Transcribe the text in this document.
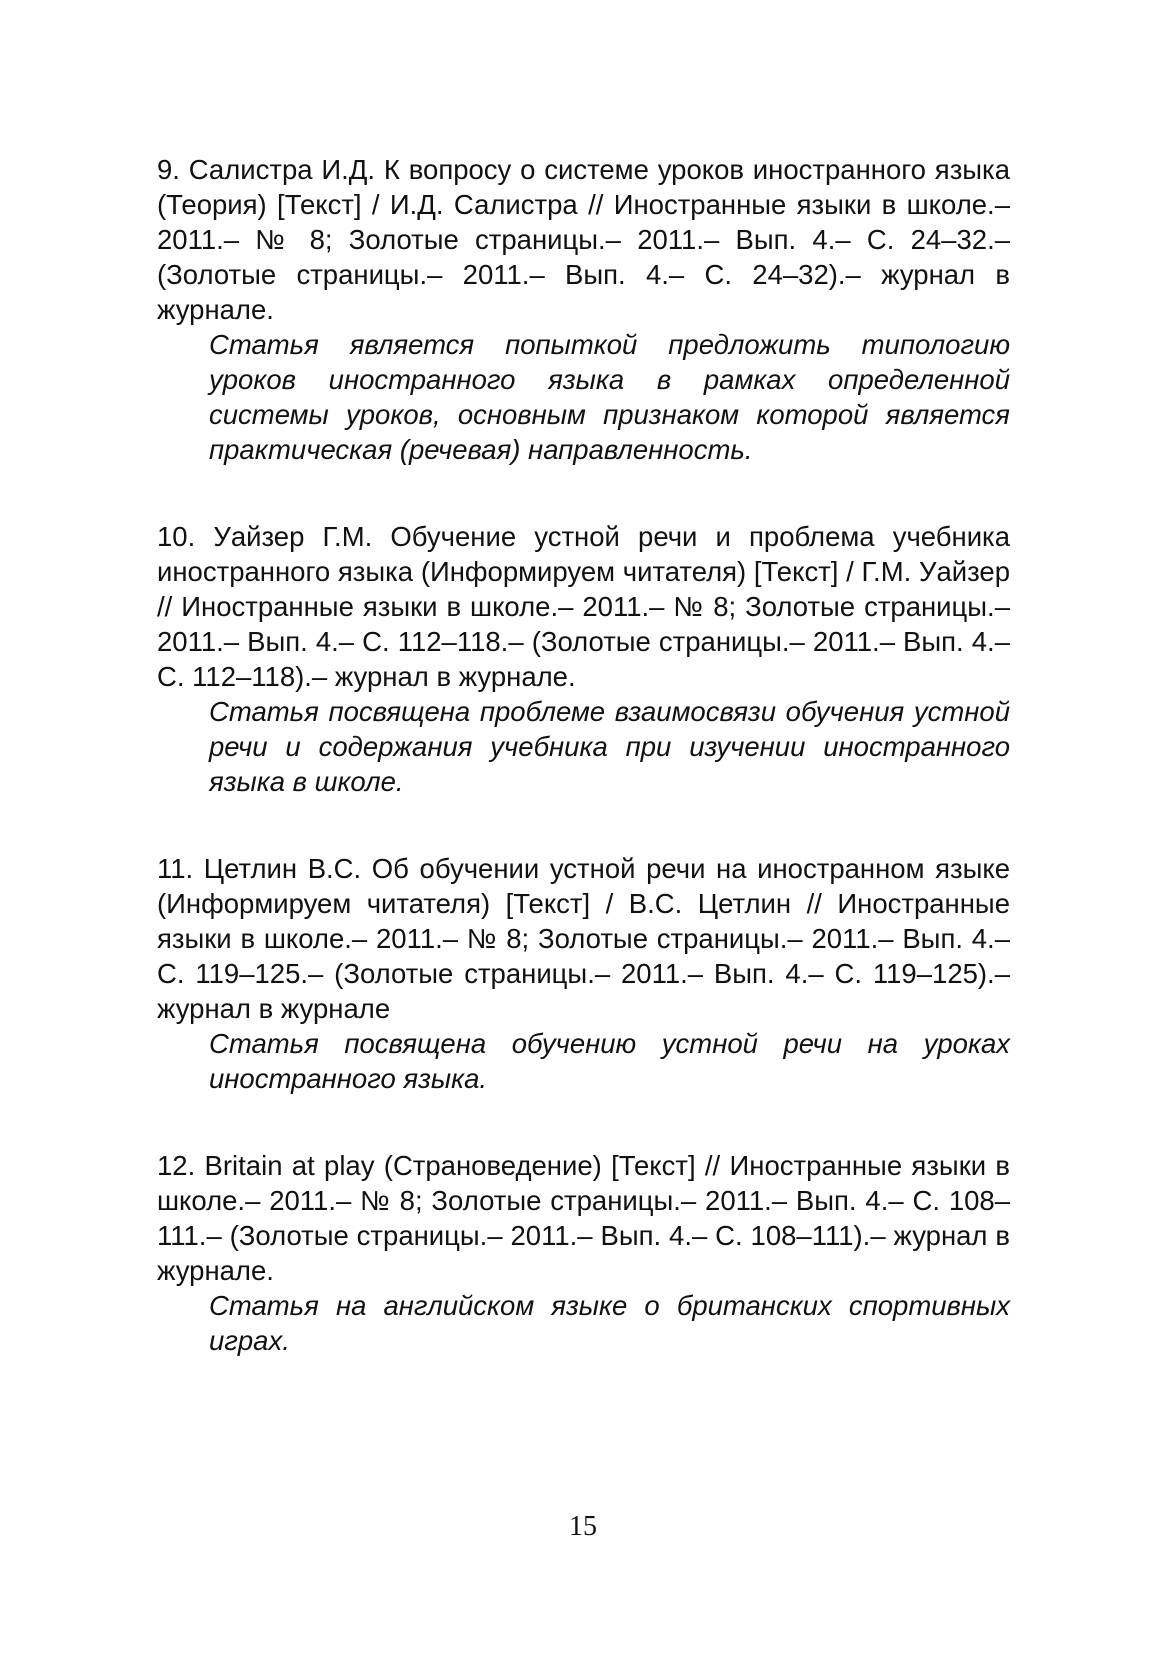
9. Салистра И.Д. К вопросу о системе уроков иностранного языка (Теория) [Текст] / И.Д. Салистра // Иностранные языки в школе.– 2011.– № 8; Золотые страницы.– 2011.– Вып. 4.– С. 24–32.– (Золотые страницы.– 2011.– Вып. 4.– С. 24–32).– журнал в журнале.
Статья является попыткой предложить типологию уроков иностранного языка в рамках определенной системы уроков, основным признаком которой является практическая (речевая) направленность.
10. Уайзер Г.М. Обучение устной речи и проблема учебника иностранного языка (Информируем читателя) [Текст] / Г.М. Уайзер // Иностранные языки в школе.– 2011.– № 8; Золотые страницы.– 2011.– Вып. 4.– С. 112–118.– (Золотые страницы.– 2011.– Вып. 4.– С. 112–118).– журнал в журнале.
Статья посвящена проблеме взаимосвязи обучения устной речи и содержания учебника при изучении иностранного языка в школе.
11. Цетлин В.С. Об обучении устной речи на иностранном языке (Информируем читателя) [Текст] / В.С. Цетлин // Иностранные языки в школе.– 2011.– № 8; Золотые страницы.– 2011.– Вып. 4.– С. 119–125.– (Золотые страницы.– 2011.– Вып. 4.– С. 119–125).– журнал в журнале
Статья посвящена обучению устной речи на уроках иностранного языка.
12. Britain at play (Страноведение) [Текст] // Иностранные языки в школе.– 2011.– № 8; Золотые страницы.– 2011.– Вып. 4.– С. 108–111.– (Золотые страницы.– 2011.– Вып. 4.– С. 108–111).– журнал в журнале.
Статья на английском языке о британских спортивных играх.
15
